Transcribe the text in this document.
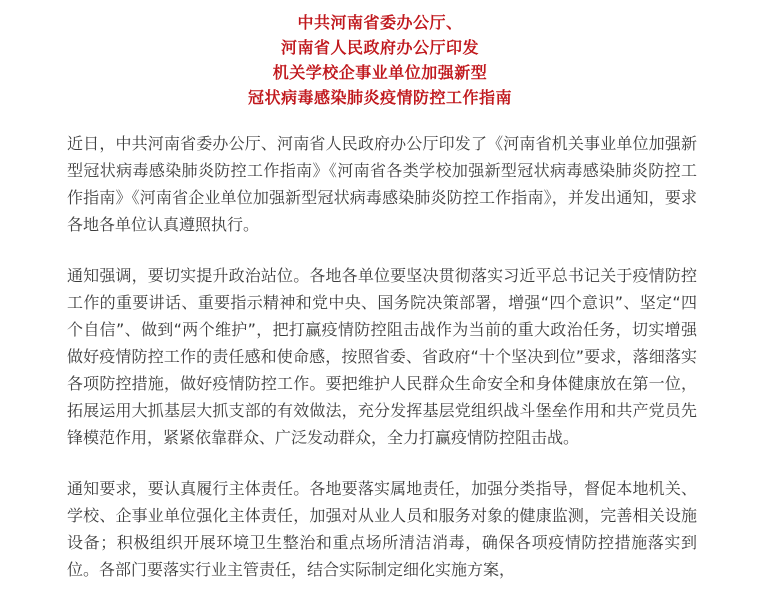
中共河南省委办公厅、
河南省人民政府办公厅印发
机关学校企事业单位加强新型
冠状病毒感染肺炎疫情防控工作指南

近日，中共河南省委办公厅、河南省人民政府办公厅印发了《河南省机关事业单位加强新型冠状病毒感染肺炎防控工作指南》《河南省各类学校加强新型冠状病毒感染肺炎防控工作指南》《河南省企业单位加强新型冠状病毒感染肺炎防控工作指南》，并发出通知，要求各地各单位认真遵照执行。

通知强调，要切实提升政治站位。各地各单位要坚决贯彻落实习近平总书记关于疫情防控工作的重要讲话、重要指示精神和党中央、国务院决策部署，增强“四个意识”、坚定“四个自信”、做到“两个维护”，把打赢疫情防控阻击战作为当前的重大政治任务，切实增强做好疫情防控工作的责任感和使命感，按照省委、省政府“十个坚决到位”要求，落细落实各项防控措施，做好疫情防控工作。要把维护人民群众生命安全和身体健康放在第一位，拓展运用大抓基层大抓支部的有效做法，充分发挥基层党组织战斗堡垒作用和共产党员先锋模范作用，紧紧依靠群众、广泛发动群众，全力打赢疫情防控阻击战。

通知要求，要认真履行主体责任。各地要落实属地责任，加强分类指导，督促本地机关、学校、企事业单位强化主体责任，加强对从业人员和服务对象的健康监测，完善相关设施设备；积极组织开展环境卫生整治和重点场所清洁消毒，确保各项疫情防控措施落实到位。各部门要落实行业主管责任，结合实际制定细化实施方案，
